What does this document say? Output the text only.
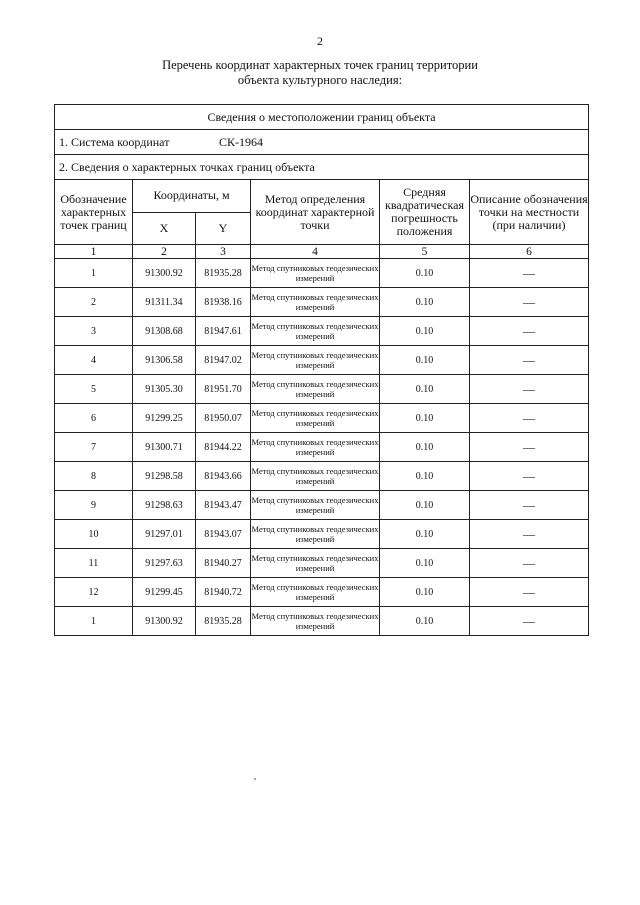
2
Перечень координат характерных точек границ территории
объекта культурного наследия:
Сведения о местоположении границ объекта					
1. Система координат СК-1964					
2. Сведения о характерных точках границ объекта					
Обозначение характерных точек границ	Координаты, м		Метод определения координат характерной точки	Средняя квадратическая погрешность положения	Описание обозначения точки на местности (при наличии)
	X	Y			
1	2	3	4	5	6
1	91300.92	81935.28	Метод спутниковых геодезических измерений	0.10	—
2	91311.34	81938.16	Метод спутниковых геодезических измерений	0.10	—
3	91308.68	81947.61	Метод спутниковых геодезических измерений	0.10	—
4	91306.58	81947.02	Метод спутниковых геодезических измерений	0.10	—
5	91305.30	81951.70	Метод спутниковых геодезических измерений	0.10	—
6	91299.25	81950.07	Метод спутниковых геодезических измерений	0.10	—
7	91300.71	81944.22	Метод спутниковых геодезических измерений	0.10	—
8	91298.58	81943.66	Метод спутниковых геодезических измерений	0.10	—
9	91298.63	81943.47	Метод спутниковых геодезических измерений	0.10	—
10	91297.01	81943.07	Метод спутниковых геодезических измерений	0.10	—
11	91297.63	81940.27	Метод спутниковых геодезических измерений	0.10	—
12	91299.45	81940.72	Метод спутниковых геодезических измерений	0.10	—
1	91300.92	81935.28	Метод спутниковых геодезических измерений	0.10	—
